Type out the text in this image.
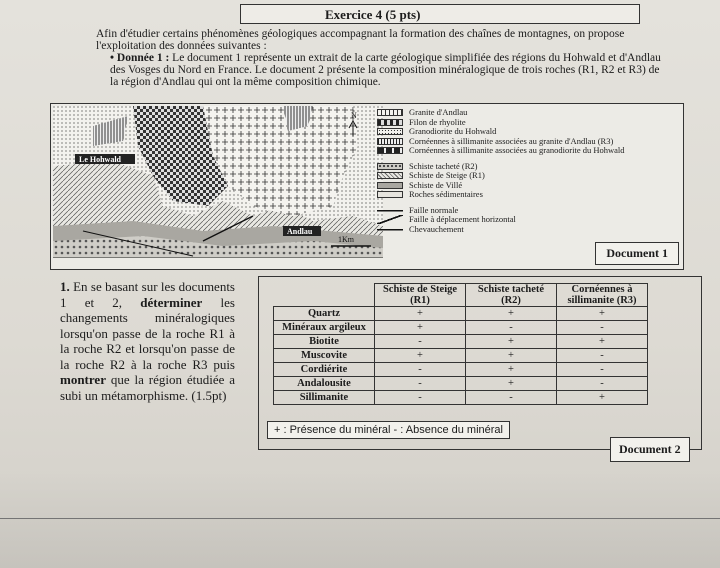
Exercice 4 (5 pts)

Afin d'étudier certains phénomènes géologiques accompagnant la formation des chaînes de montagnes, on propose l'exploitation des données suivantes :

• Donnée 1 : Le document 1 représente un extrait de la carte géologique simplifiée des régions du Hohwald et d'Andlau des Vosges du Nord en France. Le document 2 présente la composition minéralogique de trois roches (R1, R2 et R3) de la région d'Andlau qui ont la même composition chimique.

N
Le Hohwald
Andlau
1Km
Granite d'Andlau
Filon de rhyolite
Granodiorite du Hohwald
Cornéennes à sillimanite associées au granite d'Andlau (R3)
Cornéennes à sillimanite associées au granodiorite du Hohwald
Schiste tacheté (R2)
Schiste de Steige (R1)
Schiste de Villé
Roches sédimentaires
Faille normale
Faille à déplacement horizontal
Chevauchement
Document 1
1. En se basant sur les documents 1 et 2, déterminer les changements minéralogiques lorsqu'on passe de la roche R1 à la roche R2 et lorsqu'on passe de la roche R2 à la roche R3 puis montrer que la région étudiée a subi un métamorphisme. (1.5pt)
	Schiste de Steige (R1)	Schiste tacheté (R2)	Cornéennes à sillimanite (R3)
Quartz	+	+	+
Minéraux argileux	+	-	-
Biotite	-	+	+
Muscovite	+	+	-
Cordiérite	-	+	-
Andalousite	-	+	-
Sillimanite	-	-	+
+ : Présence du minéral - : Absence du minéral
Document 2
